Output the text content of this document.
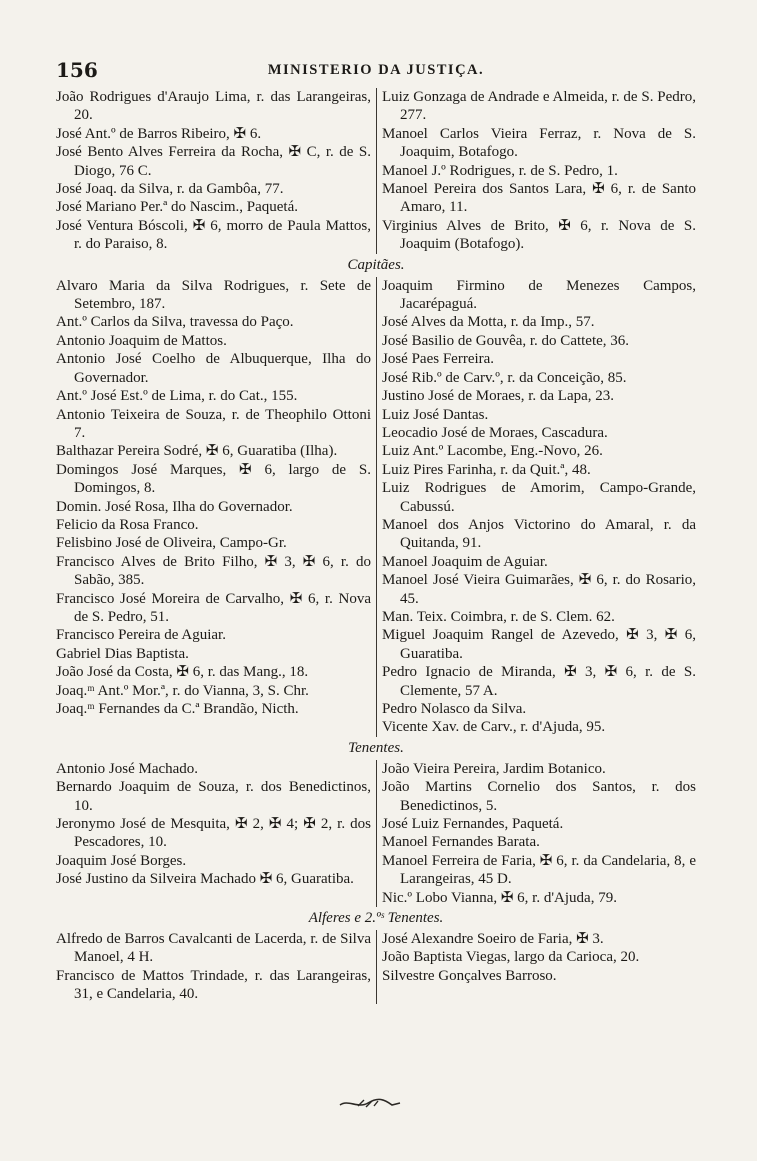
156	MINISTERIO DA JUSTIÇA.
João Rodrigues d'Araujo Lima, r. das Larangeiras, 20.
José Ant.º de Barros Ribeiro, ✠ 6.
José Bento Alves Ferreira da Rocha, ✠ C, r. de S. Diogo, 76 C.
José Joaq. da Silva, r. da Gambôa, 77.
José Mariano Per.ª do Nascim., Paquetá.
José Ventura Bóscoli, ✠ 6, morro de Paula Mattos, r. do Paraiso, 8.
Luiz Gonzaga de Andrade e Almeida, r. de S. Pedro, 277.
Manoel Carlos Vieira Ferraz, r. Nova de S. Joaquim, Botafogo.
Manoel J.º Rodrigues, r. de S. Pedro, 1.
Manoel Pereira dos Santos Lara, ✠ 6, r. de Santo Amaro, 11.
Virginius Alves de Brito, ✠ 6, r. Nova de S. Joaquim (Botafogo).
Capitães.
Alvaro Maria da Silva Rodrigues, r. Sete de Setembro, 187.
Ant.º Carlos da Silva, travessa do Paço.
Antonio Joaquim de Mattos.
Antonio José Coelho de Albuquerque, Ilha do Governador.
Ant.º José Est.º de Lima, r. do Cat., 155.
Antonio Teixeira de Souza, r. de Theophilo Ottoni 7.
Balthazar Pereira Sodré, ✠ 6, Guaratiba (Ilha).
Domingos José Marques, ✠ 6, largo de S. Domingos, 8.
Domin. José Rosa, Ilha do Governador.
Felicio da Rosa Franco.
Felisbino José de Oliveira, Campo-Gr.
Francisco Alves de Brito Filho, ✠ 3, ✠ 6, r. do Sabão, 385.
Francisco José Moreira de Carvalho, ✠ 6, r. Nova de S. Pedro, 51.
Francisco Pereira de Aguiar.
Gabriel Dias Baptista.
João José da Costa, ✠ 6, r. das Mang., 18.
Joaq.ᵐ Ant.º Mor.ª, r. do Vianna, 3, S. Chr.
Joaq.ᵐ Fernandes da C.ª Brandão, Nicth.
Joaquim Firmino de Menezes Campos, Jacarépaguá.
José Alves da Motta, r. da Imp., 57.
José Basilio de Gouvêa, r. do Cattete, 36.
José Paes Ferreira.
José Rib.º de Carv.º, r. da Conceição, 85.
Justino José de Moraes, r. da Lapa, 23.
Luiz José Dantas.
Leocadio José de Moraes, Cascadura.
Luiz Ant.º Lacombe, Eng.-Novo, 26.
Luiz Pires Farinha, r. da Quit.ª, 48.
Luiz Rodrigues de Amorim, Campo-Grande, Cabussú.
Manoel dos Anjos Victorino do Amaral, r. da Quitanda, 91.
Manoel Joaquim de Aguiar.
Manoel José Vieira Guimarães, ✠ 6, r. do Rosario, 45.
Man. Teix. Coimbra, r. de S. Clem. 62.
Miguel Joaquim Rangel de Azevedo, ✠ 3, ✠ 6, Guaratiba.
Pedro Ignacio de Miranda, ✠ 3, ✠ 6, r. de S. Clemente, 57 A.
Pedro Nolasco da Silva.
Vicente Xav. de Carv., r. d'Ajuda, 95.
Tenentes.
Antonio José Machado.
Bernardo Joaquim de Souza, r. dos Benedictinos, 10.
Jeronymo José de Mesquita, ✠ 2, ✠ 4; ✠ 2, r. dos Pescadores, 10.
Joaquim José Borges.
José Justino da Silveira Machado ✠ 6, Guaratiba.
João Vieira Pereira, Jardim Botanico.
João Martins Cornelio dos Santos, r. dos Benedictinos, 5.
José Luiz Fernandes, Paquetá.
Manoel Fernandes Barata.
Manoel Ferreira de Faria, ✠ 6, r. da Candelaria, 8, e Larangeiras, 45 D.
Nic.º Lobo Vianna, ✠ 6, r. d'Ajuda, 79.
Alferes e 2.ºˢ Tenentes.
Alfredo de Barros Cavalcanti de Lacerda, r. de Silva Manoel, 4 H.
Francisco de Mattos Trindade, r. das Larangeiras, 31, e Candelaria, 40.
José Alexandre Soeiro de Faria, ✠ 3.
João Baptista Viegas, largo da Carioca, 20.
Silvestre Gonçalves Barroso.
